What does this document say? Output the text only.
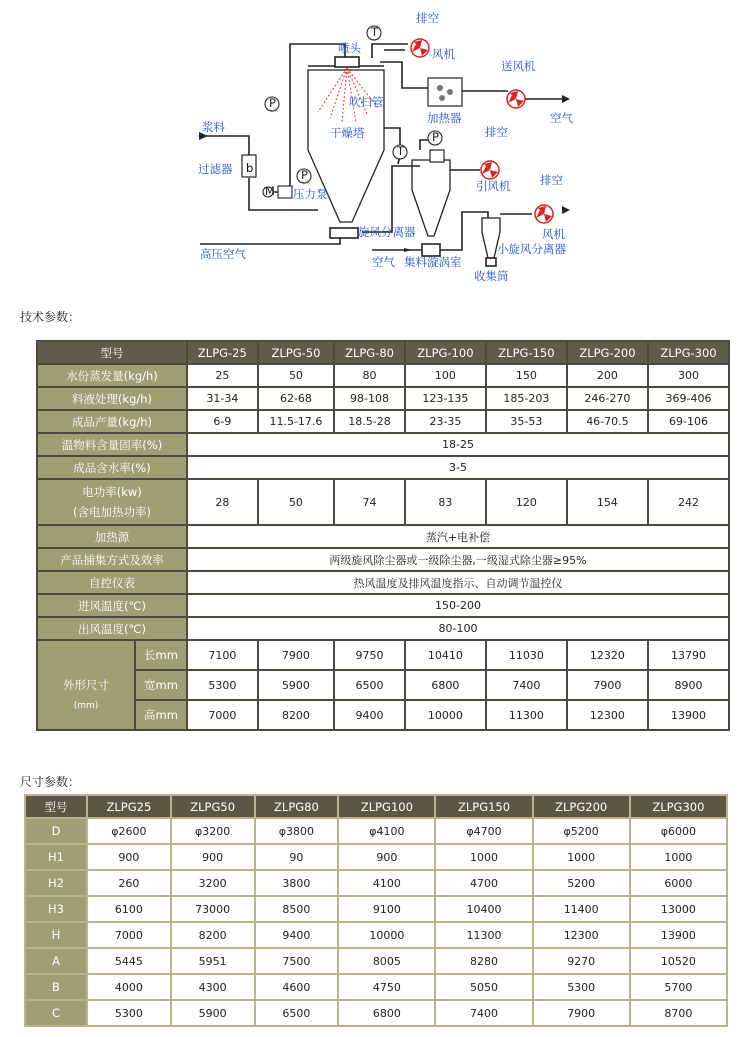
b
P
P
T
T
P
M
喷头
排空
风机
送风机
吹扫管
浆料
加热器	空气
干燥塔	排空
过滤器
引风机
压力泵
排空
风机
旋风分离器
小旋风分离器
高压空气
空气 集料漩涡室
收集筒
技术参数：
型号		ZLPG-25	ZLPG-50	ZLPG-80	ZLPG-100	ZLPG-150	ZLPG-200	ZLPG-300
水份蒸发量(kg/h)		25	50	80	100	150	200	300
料液处理(kg/h)		31-34	62-68	98-108	123-135	185-203	246-270	369-406
成品产量(kg/h)		6-9	11.5-17.6	18.5-28	23-35	35-53	46-70.5	69-106
温物料含量固率(%)		18-25						
成品含水率(%)		3-5						

电功率(kw)
(含电加热功率)		28	50	74	83	120	154	242
加热源		蒸汽+电补偿						
产品捕集方式及效率		两级旋风除尘器或一级除尘器,一级湿式除尘器≥95%						
自控仪表		热风温度及排风温度指示、自动调节温控仪						
进风温度(℃)		150-200						
出风温度(℃)		80-100						

外形尺寸
(mm)	长mm	7100	7900	9750	10410	11030	12320	13790
	宽mm	5300	5900	6500	6800	7400	7900	8900
	高mm	7000	8200	9400	10000	11300	12300	13900
尺寸参数：
型号	ZLPG25	ZLPG50	ZLPG80	ZLPG100	ZLPG150	ZLPG200	ZLPG300
D	φ2600	φ3200	φ3800	φ4100	φ4700	φ5200	φ6000
H1	900	900	90	900	1000	1000	1000
H2	260	3200	3800	4100	4700	5200	6000
H3	6100	73000	8500	9100	10400	11400	13000
H	7000	8200	9400	10000	11300	12300	13900
A	5445	5951	7500	8005	8280	9270	10520
B	4000	4300	4600	4750	5050	5300	5700
C	5300	5900	6500	6800	7400	7900	8700
